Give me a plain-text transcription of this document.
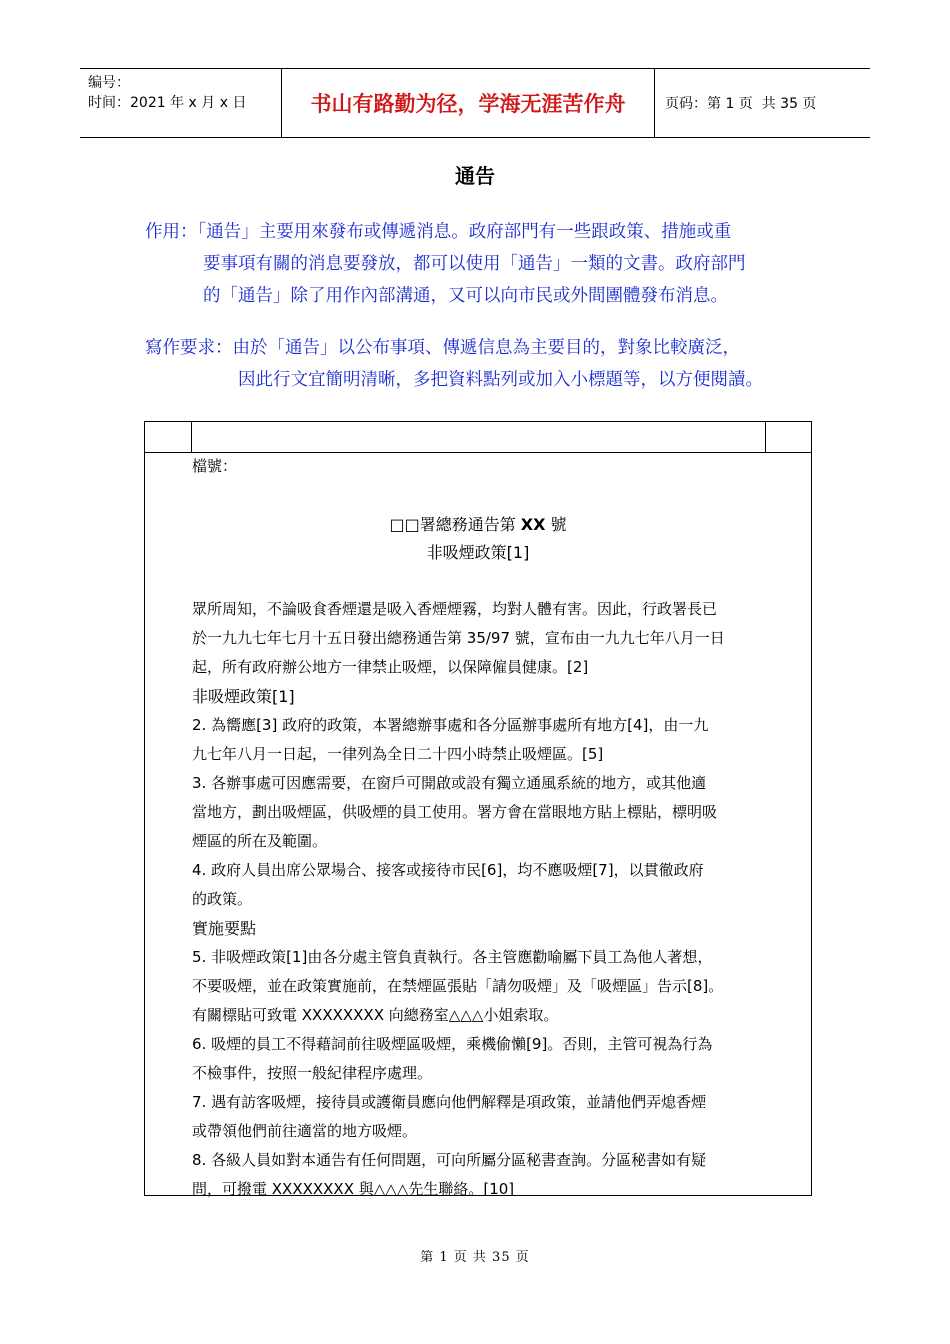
编号：
时间：2021 年 x 月 x 日	书山有路勤为径，学海无涯苦作舟	页码：第 1 页  共 35 页
通告
作用：「通告」主要用來發布或傳遞消息。政府部門有一些跟政策、措施或重
要事項有關的消息要發放，都可以使用「通告」一類的文書。政府部門
的「通告」除了用作內部溝通，又可以向市民或外間團體發布消息。
寫作要求：由於「通告」以公布事項、傳遞信息為主要目的，對象比較廣泛，
因此行文宜簡明清晰，多把資料點列或加入小標題等，以方便閱讀。
檔號：
□□署總務通告第 XX 號
非吸煙政策[1]

眾所周知，不論吸食香煙還是吸入香煙煙霧，均對人體有害。因此，行政署長已

於一九九七年七月十五日發出總務通告第 35/97 號，宣布由一九九七年八月一日

起，所有政府辦公地方一律禁止吸煙，以保障僱員健康。[2]

非吸煙政策[1]

2. 為嚮應[3] 政府的政策，本署總辦事處和各分區辦事處所有地方[4]，由一九

九七年八月一日起，一律列為全日二十四小時禁止吸煙區。[5]

3. 各辦事處可因應需要，在窗戶可開啟或設有獨立通風系統的地方，或其他適

當地方，劃出吸煙區，供吸煙的員工使用。署方會在當眼地方貼上標貼，標明吸

煙區的所在及範圍。

4. 政府人員出席公眾場合、接客或接待市民[6]，均不應吸煙[7]，以貫徹政府

的政策。

實施要點

5. 非吸煙政策[1]由各分處主管負責執行。各主管應勸喻屬下員工為他人著想，

不要吸煙，並在政策實施前，在禁煙區張貼「請勿吸煙」及「吸煙區」告示[8]。

有關標貼可致電 XXXXXXXX 向總務室△△△小姐索取。

6. 吸煙的員工不得藉詞前往吸煙區吸煙，乘機偷懶[9]。否則，主管可視為行為

不檢事件，按照一般紀律程序處理。

7. 遇有訪客吸煙，接待員或護衛員應向他們解釋是項政策，並請他們弄熄香煙

或帶領他們前往適當的地方吸煙。

8. 各級人員如對本通告有任何問題，可向所屬分區秘書查詢。分區秘書如有疑

問，可撥電 XXXXXXXX 與△△△先生聯絡。[10]

第 1 页 共 35 页
